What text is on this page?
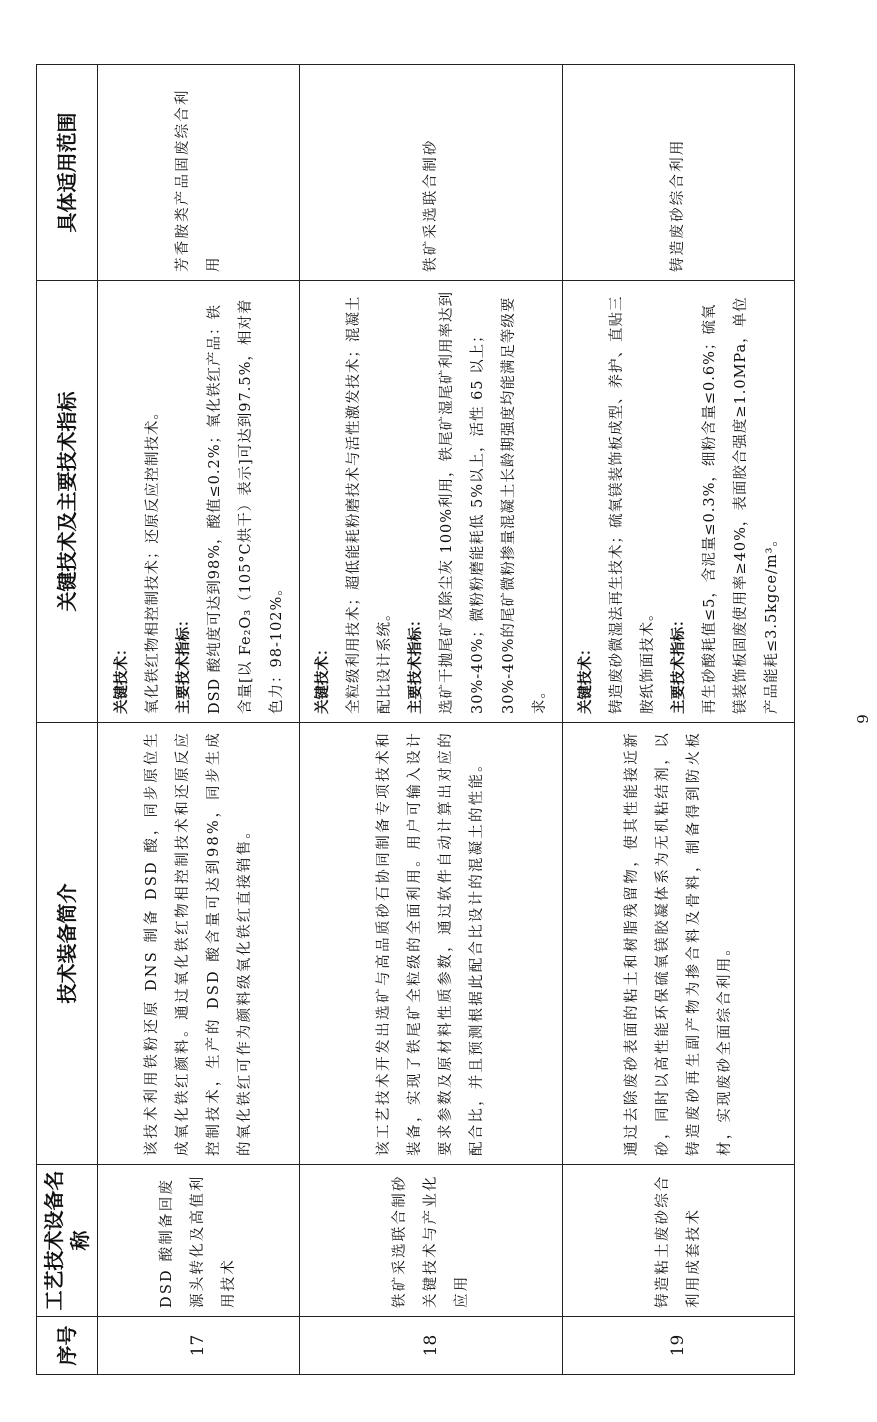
序号	工艺技术设备名称	技术装备简介	关键技术及主要技术指标	具体适用范围
17	DSD 酸制备回废源头转化及高值利用技术	该技术利用铁粉还原 DNS 制备 DSD 酸，同步原位生成氧化铁红颜料。通过氧化铁红物相控制技术和还原反应控制技术，生产的 DSD 酸含量可达到98%，同步生成的氧化铁红可作为颜料级氧化铁红直接销售。	关键技术： 氧化铁红物相控制技术；还原反应控制技术。 主要技术指标： DSD 酸纯度可达到98%，酸值≤0.2%；氧化铁红产品：铁含量[以 Fe₂O₃（105°C烘干）表示]可达到97.5%，相对着色力：98-102%。	芳香胺类产品固废综合利用
18	铁矿采选联合制砂关键技术与产业化应用	该工艺技术开发出选矿与高品质砂石协同制备专项技术和装备，实现了铁尾矿全粒级的全面利用。用户可输入设计要求参数及原材料性质参数，通过软件自动计算出对应的配合比，并且预测根据此配合比设计的混凝土的性能。	关键技术： 全粒级利用技术；超低能耗粉磨技术与活性激发技术；混凝土配比设计系统。 主要技术指标： 选矿干抛尾矿及除尘灰 100%利用，铁尾矿湿尾矿利用率达到 30%-40%；微粉粉磨能耗低 5%以上，活性 65 以上；30%-40%的尾矿微粉掺量混凝土长龄期强度均能满足等级要求。	铁矿采选联合制砂
19	铸造粘土废砂综合利用成套技术	通过去除废砂表面的粘土和树脂残留物，使其性能接近新砂，同时以高性能环保硫氧镁胶凝体系为无机粘结剂，以铸造废砂再生副产物为掺合料及骨料，制备得到防火板材，实现废砂全面综合利用。	关键技术： 铸造废砂微湿法再生技术；硫氧镁装饰板成型、养护、直贴三胺纸饰面技术。 主要技术指标： 再生砂酸耗值≤5，含泥量≤0.3%，细粉含量≤0.6%；硫氧镁装饰板固废使用率≥40%，表面胶合强度≥1.0MPa，单位产品能耗≤3.5kgce/m³。	铸造废砂综合利用
9
